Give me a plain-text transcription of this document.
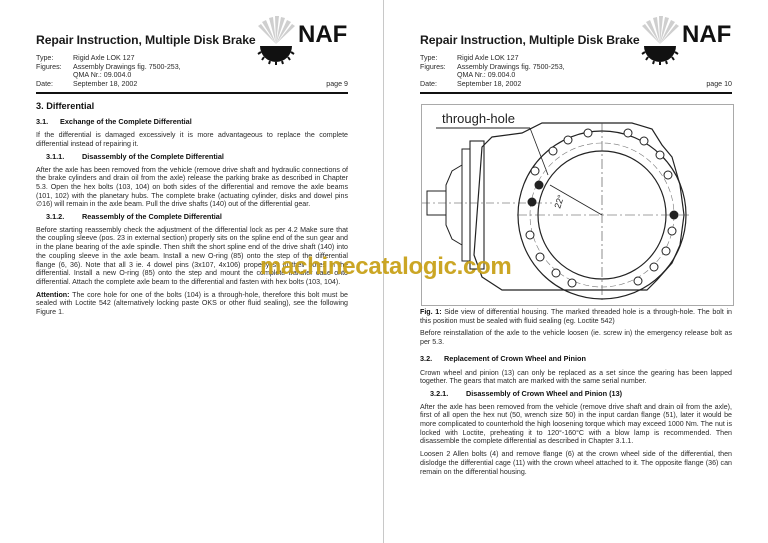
Repair Instruction, Multiple Disk Brake NAF
Type:	Rigid Axle LOK 127
Figures:	Assembly Drawings fig. 7500-253,
QMA Nr.: 09.004.0
Date:	September 18, 2002	page 9
3. Differential
3.1.	Exchange of the Complete Differential

If the differential is damaged excessively it is more advantageous to replace the complete differential instead of repairing it.

3.1.1.	Disassembly of the Complete Differential

After the axle has been removed from the vehicle (remove drive shaft and hydraulic connections of the brake cylinders and drain oil from the axle) release the parking brake as described in Chapter 5.3. Open the hex bolts (103, 104) on both sides of the differential and remove the axle beams (101, 102) with the planetary hubs. The complete brake (actuating cylinder, disks and dowel pins ∅16) will remain in the axle beam. Pull the drive shafts (140) out of the differential gear.

3.1.2.	Reassembly of the Complete Differential

Before starting reassembly check the adjustment of the differential lock as per 4.2 Make sure that the coupling sleeve (pos. 23 in external section) properly sits on the spline end of the sun gear and in the plane bearing of the axle spindle. Then shift the short spline end of the drive shaft (140) into the coupling sleeve in the axle beam. Install a new O-ring (85) onto the step of the differential flange (6, 36). Note that all 3 ie. 4 dowel pins (3x107, 4x106) properly sit in their bores in the differential. Install a new O-ring (85) onto the step and mount the complete transfer case onto differential. Attach the complete axle beam to the differential and fasten with hex bolts (103, 104).

Attention: The core hole for one of the bolts (104) is a through-hole, therefore this bolt must be sealed with Loctite 542 (alternatively locking paste OKS or other fluid sealing), see the following Figure 1.

Repair Instruction, Multiple Disk Brake NAF
Type:	Rigid Axle LOK 127
Figures:	Assembly Drawings fig. 7500-253,
QMA Nr.: 09.004.0
Date:	September 18, 2002	page 10

Fig. 1: Side view of differential housing. The marked threaded hole is a through-hole. The bolt in this position must be sealed with fluid sealing (eg. Loctite 542)

Before reinstallation of the axle to the vehicle loosen (ie. screw in) the emergency release bolt as per 5.3.

3.2.	Replacement of Crown Wheel and Pinion

Crown wheel and pinion (13) can only be replaced as a set since the gearing has been lapped together. The gears that match are marked with the same serial number.

3.2.1.	Disassembly of Crown Wheel and Pinion (13)

After the axle has been removed from the vehicle (remove drive shaft and drain oil from the axle), first of all open the hex nut (50, wrench size 50) in the input cardan flange (51), later it would be more complicated to counterhold the high loosening torque which may exceed 1000 Nm. The nut is locked with Loctite, preheating it to 120°-160°C with a blow lamp is recommended. Then disassemble the complete differential as described in Chapter 3.1.1.

Loosen 2 Allen bolts (4) and remove flange (6) at the crown wheel side of the differential, then dislodge the differential cage (11) with the crown wheel attached to it. The opposite flange (36) can remain on the differential housing.

through-hole
22°
machinecatalogic.com
